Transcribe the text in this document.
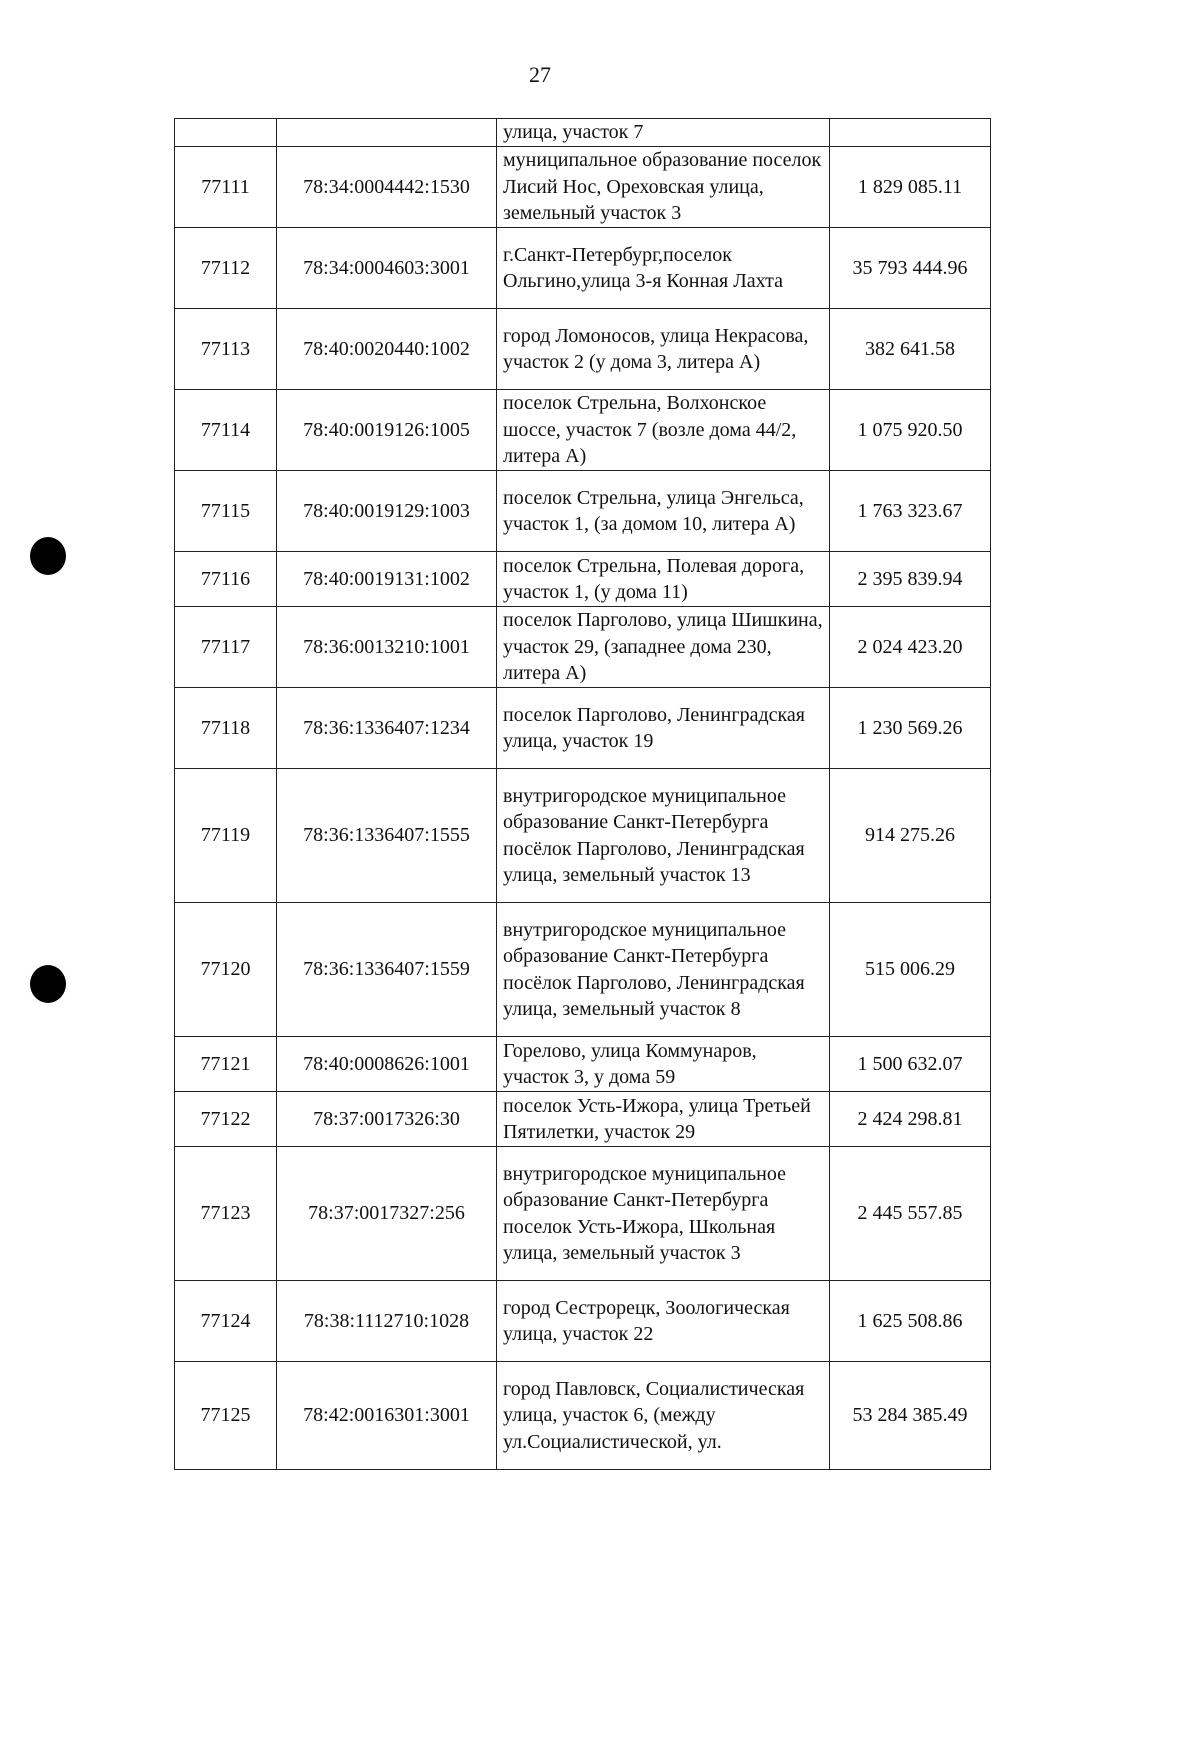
27
		улица, участок 7	
77111	78:34:0004442:1530	муниципальное образование поселок Лисий Нос, Ореховская улица, земельный участок 3	1 829 085.11
77112	78:34:0004603:3001	г.Санкт-Петербург,поселок Ольгино,улица 3-я Конная Лахта	35 793 444.96
77113	78:40:0020440:1002	город Ломоносов, улица Некрасова, участок 2 (у дома 3, литера А)	382 641.58
77114	78:40:0019126:1005	поселок Стрельна, Волхонское шоссе, участок 7 (возле дома 44/2, литера А)	1 075 920.50
77115	78:40:0019129:1003	поселок Стрельна, улица Энгельса, участок 1, (за домом 10, литера А)	1 763 323.67
77116	78:40:0019131:1002	поселок Стрельна, Полевая дорога, участок 1, (у дома 11)	2 395 839.94
77117	78:36:0013210:1001	поселок Парголово, улица Шишкина, участок 29, (западнее дома 230, литера А)	2 024 423.20
77118	78:36:1336407:1234	поселок Парголово, Ленинградская улица, участок 19	1 230 569.26
77119	78:36:1336407:1555	внутригородское муниципальное образование Санкт-Петербурга посёлок Парголово, Ленинградская улица, земельный участок 13	914 275.26
77120	78:36:1336407:1559	внутригородское муниципальное образование Санкт-Петербурга посёлок Парголово, Ленинградская улица, земельный участок 8	515 006.29
77121	78:40:0008626:1001	Горелово, улица Коммунаров, участок 3, у дома 59	1 500 632.07
77122	78:37:0017326:30	поселок Усть-Ижора, улица Третьей Пятилетки, участок 29	2 424 298.81
77123	78:37:0017327:256	внутригородское муниципальное образование Санкт-Петербурга поселок Усть-Ижора, Школьная улица, земельный участок 3	2 445 557.85
77124	78:38:1112710:1028	город Сестрорецк, Зоологическая улица, участок 22	1 625 508.86
77125	78:42:0016301:3001	город Павловск, Социалистическая улица, участок 6, (между ул.Социалистической, ул.	53 284 385.49
